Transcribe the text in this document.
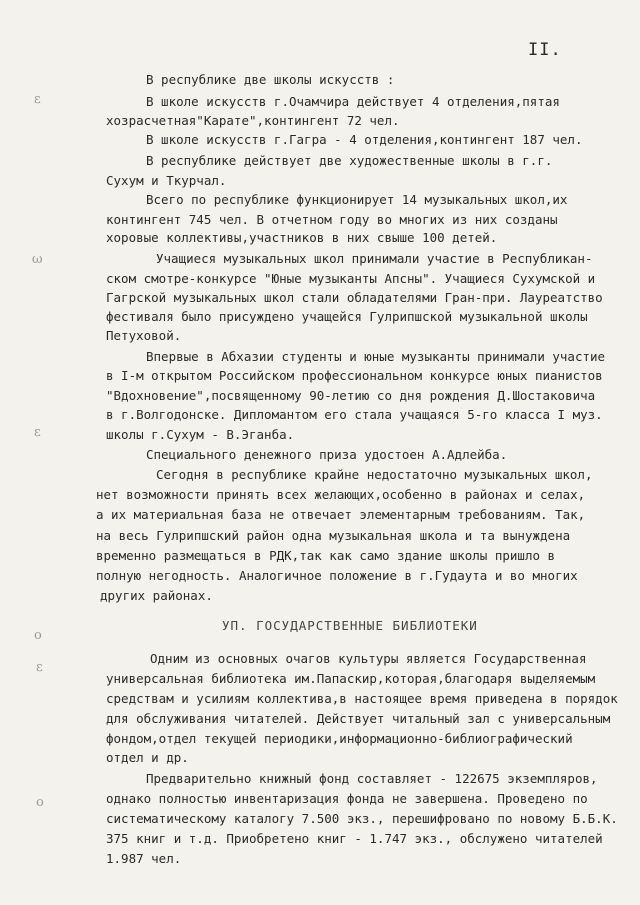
II.
ε
ω
ε
o
ε
o
В республике две школы искусств :
В школе искусств г.Очамчира действует 4 отделения,пятая
хозрасчетная"Карате",контингент 72 чел.
В школе искусств г.Гагра - 4 отделения,контингент 187 чел.
В республике действует две художественные школы в г.г.
Сухум и Ткурчал.
Всего по республике функционирует 14 музыкальных школ,их
контингент 745 чел. В отчетном году во многих из них созданы
хоровые коллективы,участников в них свыше 100 детей.
Учащиеся музыкальных школ принимали участие в Республикан-
ском смотре-конкурсе "Юные музыканты Апсны". Учащиеся Сухумской и
Гагрской музыкальных школ стали обладателями Гран-при. Лауреатство
фестиваля было присуждено учащейся Гулрипшской музыкальной школы
Петуховой.
Впервые в Абхазии студенты и юные музыканты принимали участие
в I-м открытом Российском профессиональном конкурсе юных пианистов
"Вдохновение",посвященному 90-летию со дня рождения Д.Шостаковича
в г.Волгодонске. Дипломантом его стала учащаяся 5-го класса I муз.
школы г.Сухум - В.Эганба.
Специального денежного приза удостоен А.Адлейба.
Сегодня в республике крайне недостаточно музыкальных школ,
нет возможности принять всех желающих,особенно в районах и селах,
а их материальная база не отвечает элементарным требованиям. Так,
на весь Гулрипшский район одна музыкальная школа и та вынуждена
временно размещаться в РДК,так как само здание школы пришло в
полную негодность. Аналогичное положение в г.Гудаута и во многих
других районах.
УП. ГОСУДАРСТВЕННЫЕ БИБЛИОТЕКИ
Одним из основных очагов культуры является Государственная
универсальная библиотека им.Папаскир,которая,благодаря выделяемым
средствам и усилиям коллектива,в настоящее время приведена в порядок
для обслуживания читателей. Действует читальный зал с универсальным
фондом,отдел текущей периодики,информационно-библиографический
отдел и др.
Предварительно книжный фонд составляет - 122675 экземпляров,
однако полностью инвентаризация фонда не завершена. Проведено по
систематическому каталогу 7.500 экз., перешифровано по новому Б.Б.К.
375 книг и т.д. Приобретено книг - 1.747 экз., обслужено читателей
1.987 чел.
